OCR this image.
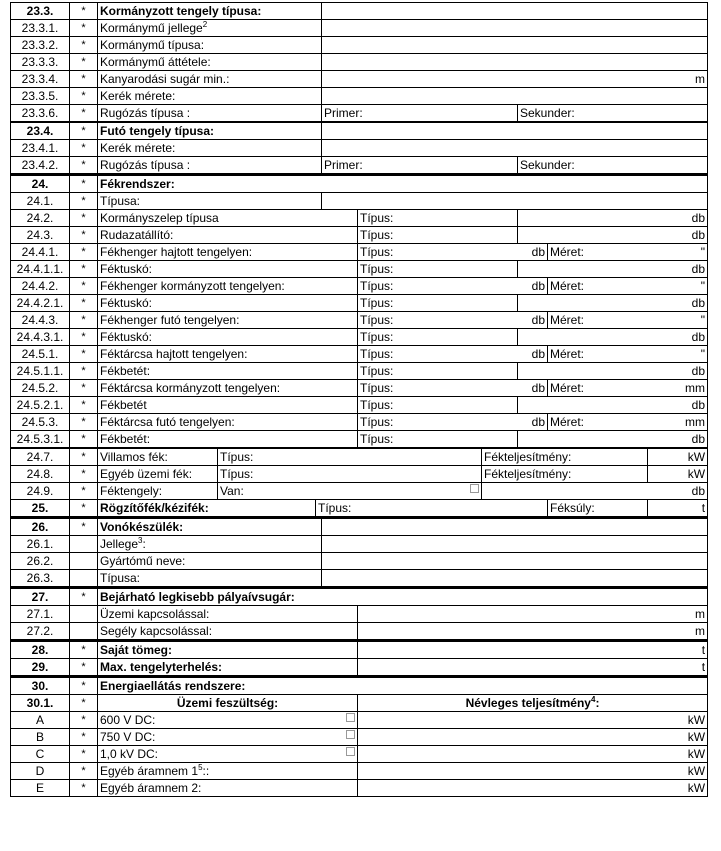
23.3.	*	Kormányzott tengely típusa:								
23.3.1.	*	Kormánymű jellege$^2$	
23.3.2.	*	Kormánymű típusa:								
23.3.3.	*	Kormánymű áttétele:								
23.3.4.	*	Kanyarodási sugár min.:			m					
23.3.5.	*	Kerék mérete:								
23.3.6.	*	Rugózás típusa :			Primer:			Sekunder:		
23.4.	*	Futó tengely típusa:								
23.4.1.	*	Kerék mérete:								
23.4.2.	*	Rugózás típusa :			Primer:			Sekunder:		
24.	*	Fékrendszer:								
24.1.	*	Típusa:								
24.2.	*	Kormányszelep típusa				Típus:		db		
24.3.	*	Rudazatállító:				Típus:		db		
24.4.1.	*	Fékhenger hajtott tengelyen:				Típus: db			Méret: "	

24.4.1.1.	*	Féktuskó:				Típus:		db		
24.4.2.	*	Fékhenger kormányzott tengelyen:				Típus: db			Méret: "	

24.4.2.1.	*	Féktuskó:				Típus:		db		
24.4.3.	*	Fékhenger futó tengelyen:				Típus: db			Méret: "	

24.4.3.1.	*	Féktuskó:				Típus:		db		
24.5.1.	*	Féktárcsa hajtott tengelyen:				Típus: db			Méret: "	

24.5.1.1.	*	Fékbetét:				Típus:		db		
24.5.2.	*	Féktárcsa kormányzott tengelyen:				Típus: db			Méret: mm	

24.5.2.1.	*	Fékbetét				Típus:		db		
24.5.3.	*	Féktárcsa futó tengelyen:				Típus: db			Méret: mm	

24.5.3.1.	*	Fékbetét:				Típus:		db		
24.7.	*	Villamos fék:	Típus:				Fékteljesítmény:			kW
24.8.	*	Egyéb üzemi fék:	Típus:				Fékteljesítmény:			kW
24.9.	*	Féktengely:	Van:				db			
25.	*	Rögzítőfék/kézifék:		Típus:					Féksúly:	t
26.	*	Vonókészülék:								
26.1.		Jellege$^3$:								
26.2.		Gyártómű neve:								
26.3.		Típusa:								
27.	*	Bejárható legkisebb pályaívsugár:								
27.1.		Üzemi kapcsolással:				m				
27.2.		Segély kapcsolással:				m				
28.	*	Saját tömeg:				t				
29.	*	Max. tengelyterhelés:				t				
30.	*	Energiaellátás rendszere:								
30.1.	*	Üzemi feszültség:				Névleges teljesítmény$^4$:				
A	*	600 V DC:				kW				
B	*	750 V DC:				kW				
C	*	1,0 kV DC:				kW				
D	*	Egyéb áramnem $1^5$::				kW				
E	*	Egyéb áramnem 2:				kW				
